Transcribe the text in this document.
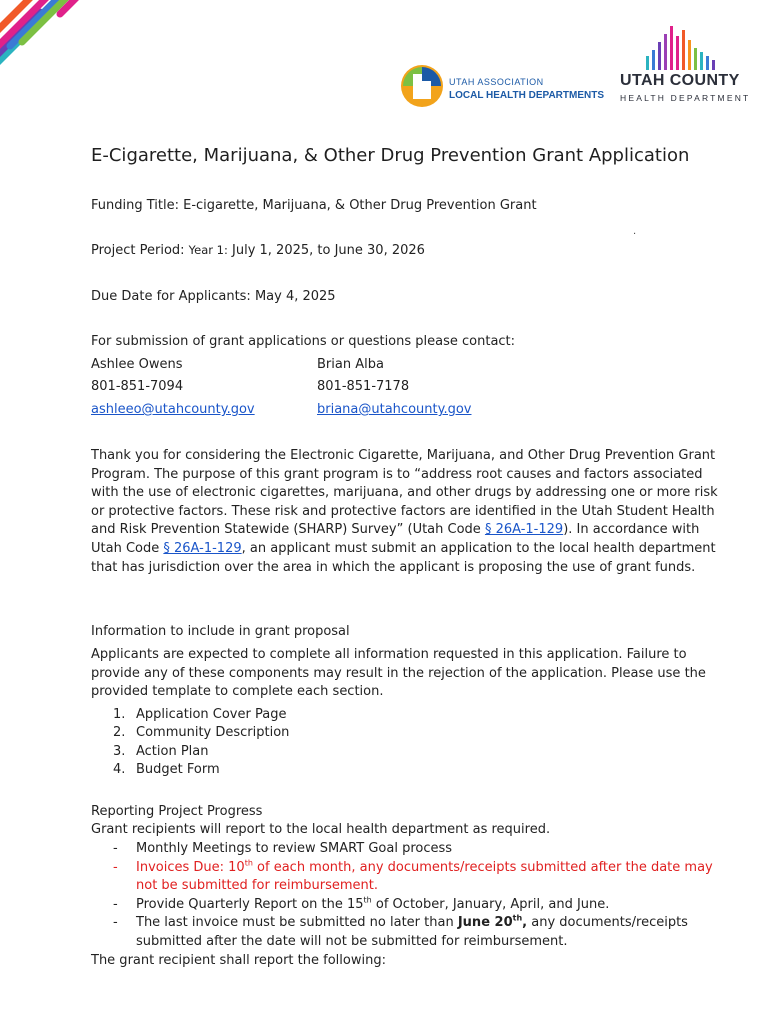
UTAH ASSOCIATION
LOCAL HEALTH DEPARTMENTS
UTAH COUNTY
HEALTH DEPARTMENT
E-Cigarette, Marijuana, & Other Drug Prevention Grant Application
Funding Title: E-cigarette, Marijuana, & Other Drug Prevention Grant
.
Project Period: Year 1: July 1, 2025, to June 30, 2026
Due Date for Applicants: May 4, 2025
For submission of grant applications or questions please contact:
Ashlee Owens	Brian Alba
801-851-7094	801-851-7178
ashleeo@utahcounty.gov	briana@utahcounty.gov
Thank you for considering the Electronic Cigarette, Marijuana, and Other Drug Prevention Grant Program. The purpose of this grant program is to “address root causes and factors associated with the use of electronic cigarettes, marijuana, and other drugs by addressing one or more risk or protective factors. These risk and protective factors are identified in the Utah Student Health and Risk Prevention Statewide (SHARP) Survey” (Utah Code § 26A-1-129). In accordance with Utah Code § 26A-1-129, an applicant must submit an application to the local health department that has jurisdiction over the area in which the applicant is proposing the use of grant funds.
Information to include in grant proposal
Applicants are expected to complete all information requested in this application. Failure to provide any of these components may result in the rejection of the application. Please use the provided template to complete each section.
1. Application Cover Page
2. Community Description
3. Action Plan
4. Budget Form
Reporting Project Progress
Grant recipients will report to the local health department as required.
- Monthly Meetings to review SMART Goal process
- Invoices Due: 10th of each month, any documents/receipts submitted after the date may not be submitted for reimbursement.
- Provide Quarterly Report on the 15th of October, January, April, and June.
- The last invoice must be submitted no later than June 20th, any documents/receipts submitted after the date will not be submitted for reimbursement.
The grant recipient shall report the following:
